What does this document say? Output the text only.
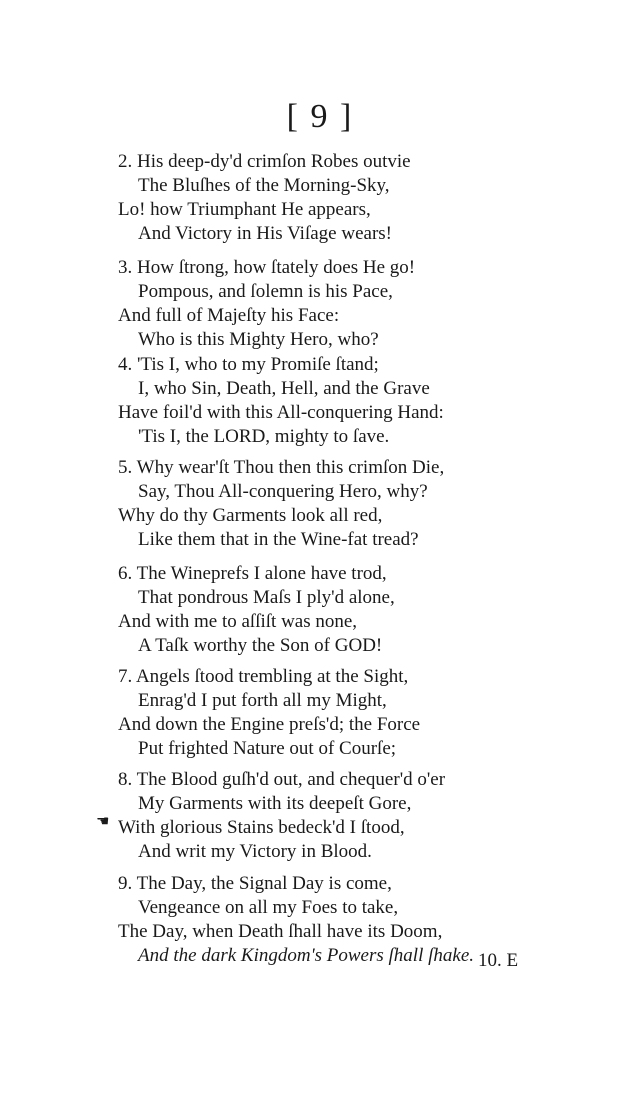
[ 9 ]
2. His deep-dy'd crimſon Robes outvie
The Bluſhes of the Morning-Sky,
Lo! how Triumphant He appears,
And Victory in His Viſage wears!
3. How ſtrong, how ſtately does He go!
Pompous, and ſolemn is his Pace,
And full of Majeſty his Face:
Who is this Mighty Hero, who?
4. 'Tis I, who to my Promiſe ſtand;
I, who Sin, Death, Hell, and the Grave
Have foil'd with this All-conquering Hand:
'Tis I, the LORD, mighty to ſave.
5. Why wear'ſt Thou then this crimſon Die,
Say, Thou All-conquering Hero, why?
Why do thy Garments look all red,
Like them that in the Wine-fat tread?
6. The Wineprefs I alone have trod,
That pondrous Maſs I ply'd alone,
And with me to aſſiſt was none,
A Taſk worthy the Son of GOD!
7. Angels ſtood trembling at the Sight,
Enrag'd I put forth all my Might,
And down the Engine preſs'd; the Force
Put frighted Nature out of Courſe;
8. The Blood guſh'd out, and chequer'd o'er
My Garments with its deepeſt Gore,
With glorious Stains bedeck'd I ſtood,
And writ my Victory in Blood.
9. The Day, the Signal Day is come,
Vengeance on all my Foes to take,
The Day, when Death ſhall have its Doom,
And the dark Kingdom's Powers ſhall ſhake.
☚
10. E
